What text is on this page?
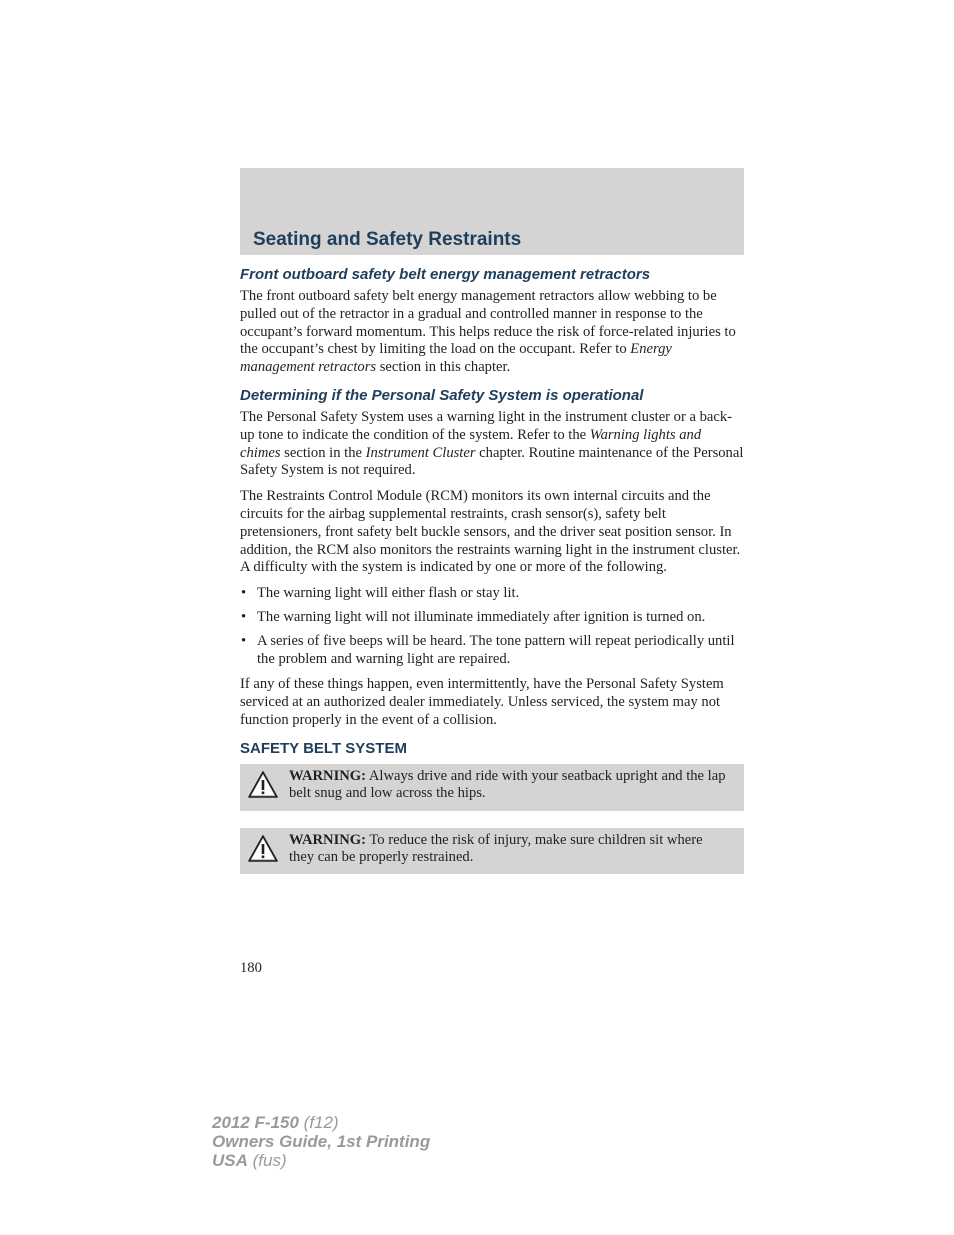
Seating and Safety Restraints
Front outboard safety belt energy management retractors

The front outboard safety belt energy management retractors allow webbing to be pulled out of the retractor in a gradual and controlled manner in response to the occupant’s forward momentum. This helps reduce the risk of force-related injuries to the occupant’s chest by limiting the load on the occupant. Refer to Energy management retractors section in this chapter.

Determining if the Personal Safety System is operational

The Personal Safety System uses a warning light in the instrument cluster or a back-up tone to indicate the condition of the system. Refer to the Warning lights and chimes section in the Instrument Cluster chapter. Routine maintenance of the Personal Safety System is not required.

The Restraints Control Module (RCM) monitors its own internal circuits and the circuits for the airbag supplemental restraints, crash sensor(s), safety belt pretensioners, front safety belt buckle sensors, and the driver seat position sensor. In addition, the RCM also monitors the restraints warning light in the instrument cluster. A difficulty with the system is indicated by one or more of the following.

• The warning light will either flash or stay lit.
• The warning light will not illuminate immediately after ignition is turned on.
• A series of five beeps will be heard. The tone pattern will repeat periodically until the problem and warning light are repaired.

If any of these things happen, even intermittently, have the Personal Safety System serviced at an authorized dealer immediately. Unless serviced, the system may not function properly in the event of a collision.

SAFETY BELT SYSTEM
WARNING: Always drive and ride with your seatback upright and the lap belt snug and low across the hips.
WARNING: To reduce the risk of injury, make sure children sit where they can be properly restrained.
180
2012 F-150 (f12)
Owners Guide, 1st Printing
USA (fus)
